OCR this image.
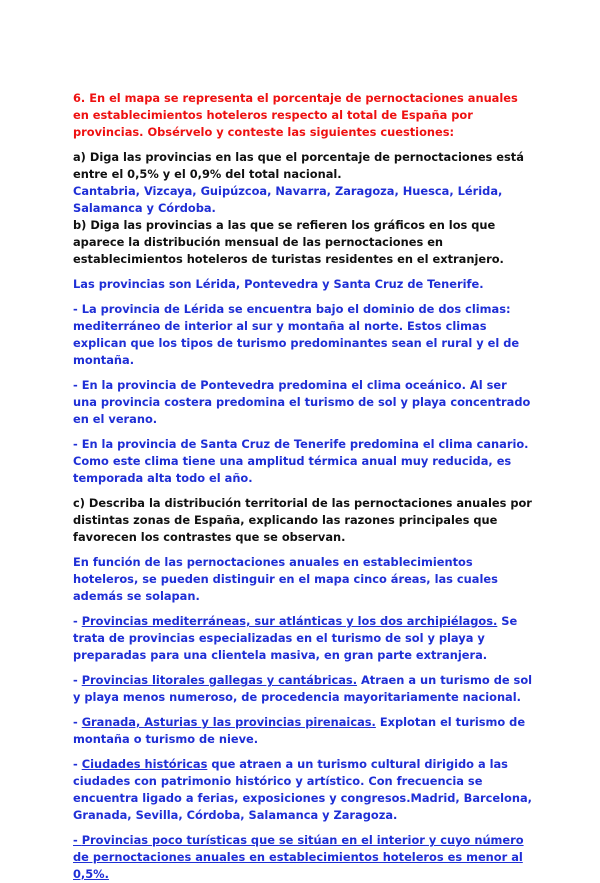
6. En el mapa se representa el porcentaje de pernoctaciones anuales en establecimientos hoteleros respecto al total de España por provincias. Obsérvelo y conteste las siguientes cuestiones:

a) Diga las provincias en las que el porcentaje de pernoctaciones está entre el 0,5% y el 0,9% del total nacional.

Cantabria, Vizcaya, Guipúzcoa, Navarra, Zaragoza, Huesca, Lérida, Salamanca y Córdoba.

b) Diga las provincias a las que se refieren los gráficos en los que aparece la distribución mensual de las pernoctaciones en establecimientos hoteleros de turistas residentes en el extranjero.

Las provincias son Lérida, Pontevedra y Santa Cruz de Tenerife.

- La provincia de Lérida se encuentra bajo el dominio de dos climas: mediterráneo de interior al sur y montaña al norte. Estos climas explican que los tipos de turismo predominantes sean el rural y el de montaña.

- En la provincia de Pontevedra predomina el clima oceánico. Al ser una provincia costera predomina el turismo de sol y playa concentrado en el verano.

- En la provincia de Santa Cruz de Tenerife predomina el clima canario. Como este clima tiene una amplitud térmica anual muy reducida, es temporada alta todo el año.

c) Describa la distribución territorial de las pernoctaciones anuales por distintas zonas de España, explicando las razones principales que favorecen los contrastes que se observan.

En función de las pernoctaciones anuales en establecimientos hoteleros, se pueden distinguir en el mapa cinco áreas, las cuales además se solapan.

- Provincias mediterráneas, sur atlánticas y los dos archipiélagos. Se trata de provincias especializadas en el turismo de sol y playa y preparadas para una clientela masiva, en gran parte extranjera.

- Provincias litorales gallegas y cantábricas. Atraen a un turismo de sol y playa menos numeroso, de procedencia mayoritariamente nacional.

- Granada, Asturias y las provincias pirenaicas. Explotan el turismo de montaña o turismo de nieve.

- Ciudades históricas que atraen a un turismo cultural dirigido a las ciudades con patrimonio histórico y artístico. Con frecuencia se encuentra ligado a ferias, exposiciones y congresos.Madrid, Barcelona, Granada, Sevilla, Córdoba, Salamanca y Zaragoza.

- Provincias poco turísticas que se sitúan en el interior y cuyo número de pernoctaciones anuales en establecimientos hoteleros es menor al 0,5%.
